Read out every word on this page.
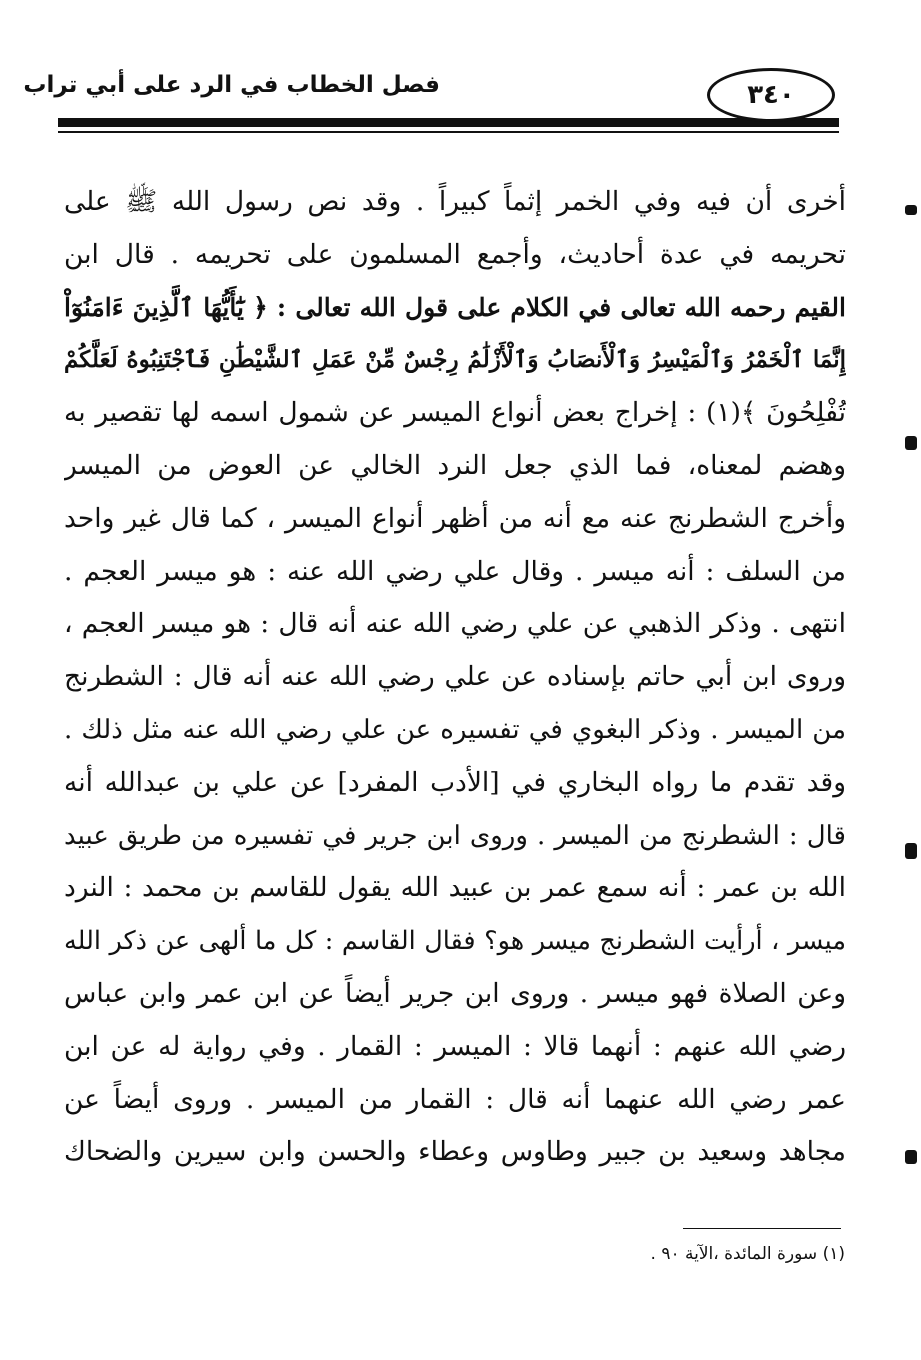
فصل الخطاب في الرد على أبي تراب	٣٤٠
أخرى أن فيه وفي الخمر إثماً كبيراً . وقد نص رسول الله ﷺ على
تحريمه في عدة أحاديث، وأجمع المسلمون على تحريمه . قال ابن
القيم رحمه الله تعالى في الكلام على قول الله تعالى : ﴿ يَٰٓأَيُّهَا ٱلَّذِينَ ءَامَنُوٓاْ
إِنَّمَا ٱلْخَمْرُ وَٱلْمَيْسِرُ وَٱلْأَنصَابُ وَٱلْأَزْلَٰمُ رِجْسٌ مِّنْ عَمَلِ ٱلشَّيْطَٰنِ فَٱجْتَنِبُوهُ لَعَلَّكُمْ
تُفْلِحُونَ ﴾(١) : إخراج بعض أنواع الميسر عن شمول اسمه لها تقصير به
وهضم لمعناه، فما الذي جعل النرد الخالي عن العوض من الميسر
وأخرج الشطرنج عنه مع أنه من أظهر أنواع الميسر ، كما قال غير واحد
من السلف : أنه ميسر . وقال علي رضي الله عنه : هو ميسر العجم .
انتهى . وذكر الذهبي عن علي رضي الله عنه أنه قال : هو ميسر العجم ،
وروى ابن أبي حاتم بإسناده عن علي رضي الله عنه أنه قال : الشطرنج
من الميسر . وذكر البغوي في تفسيره عن علي رضي الله عنه مثل ذلك .
وقد تقدم ما رواه البخاري في [الأدب المفرد] عن علي بن عبدالله أنه
قال : الشطرنج من الميسر . وروى ابن جرير في تفسيره من طريق عبيد
الله بن عمر : أنه سمع عمر بن عبيد الله يقول للقاسم بن محمد : النرد
ميسر ، أرأيت الشطرنج ميسر هو؟ فقال القاسم : كل ما ألهى عن ذكر الله
وعن الصلاة فهو ميسر . وروى ابن جرير أيضاً عن ابن عمر وابن عباس
رضي الله عنهم : أنهما قالا : الميسر : القمار . وفي رواية له عن ابن
عمر رضي الله عنهما أنه قال : القمار من الميسر . وروى أيضاً عن
مجاهد وسعيد بن جبير وطاوس وعطاء والحسن وابن سيرين والضحاك
(١) سورة المائدة ،الآية ٩٠ .
